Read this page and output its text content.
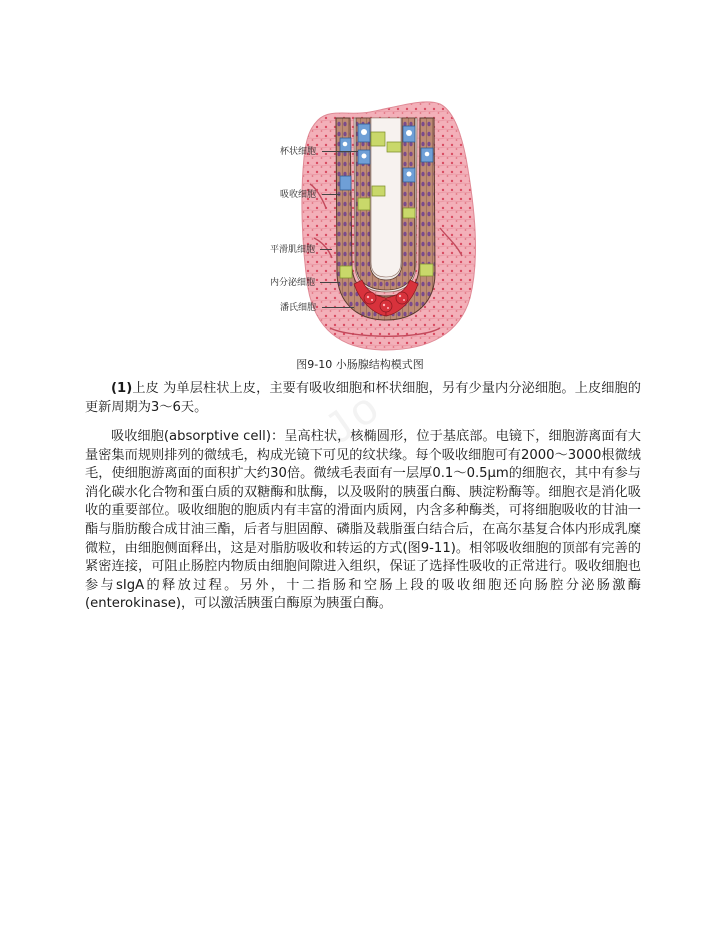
杯状细胞
吸收细胞
平滑肌细胞
内分泌细胞
潘氏细胞
图9-10 小肠腺结构模式图
Jo

(1)上皮 为单层柱状上皮，主要有吸收细胞和杯状细胞，另有少量内分泌细胞。上皮细胞的更新周期为3～6天。

吸收细胞(absorptive cell)：呈高柱状，核椭圆形，位于基底部。电镜下，细胞游离面有大量密集而规则排列的微绒毛，构成光镜下可见的纹状缘。每个吸收细胞可有2000～3000根微绒毛，使细胞游离面的面积扩大约30倍。微绒毛表面有一层厚0.1～0.5μm的细胞衣，其中有参与消化碳水化合物和蛋白质的双糖酶和肽酶，以及吸附的胰蛋白酶、胰淀粉酶等。细胞衣是消化吸收的重要部位。吸收细胞的胞质内有丰富的滑面内质网，内含多种酶类，可将细胞吸收的甘油一酯与脂肪酸合成甘油三酯，后者与胆固醇、磷脂及载脂蛋白结合后，在高尔基复合体内形成乳糜微粒，由细胞侧面释出，这是对脂肪吸收和转运的方式(图9-11)。相邻吸收细胞的顶部有完善的紧密连接，可阻止肠腔内物质由细胞间隙进入组织，保证了选择性吸收的正常进行。吸收细胞也参与sIgA的释放过程。另外，十二指肠和空肠上段的吸收细胞还向肠腔分泌肠激酶(enterokinase)，可以激活胰蛋白酶原为胰蛋白酶。
